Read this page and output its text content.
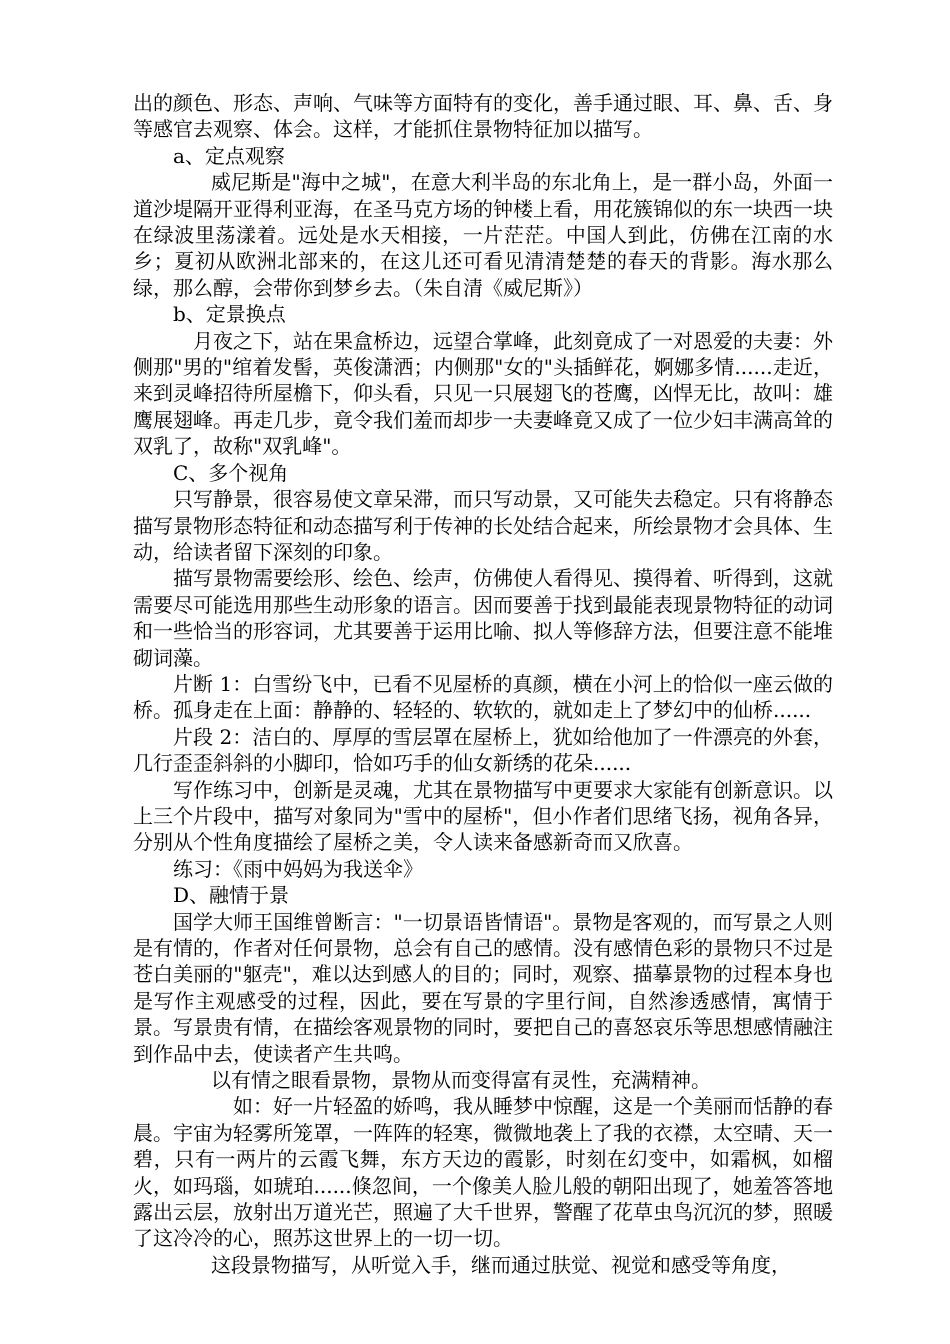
出的颜色、形态、声响、气味等方面特有的变化，善手通过眼、耳、鼻、舌、身等感官去观察、体会。这样，才能抓住景物特征加以描写。

a、定点观察

威尼斯是"海中之城"，在意大利半岛的东北角上，是一群小岛，外面一道沙堤隔开亚得利亚海，在圣马克方场的钟楼上看，用花簇锦似的东一块西一块在绿波里荡漾着。远处是水天相接，一片茫茫。中国人到此，仿佛在江南的水乡；夏初从欧洲北部来的，在这儿还可看见清清楚楚的春天的背影。海水那么绿，那么醇，会带你到梦乡去。（朱自清《威尼斯》）

b、定景换点

月夜之下，站在果盒桥边，远望合掌峰，此刻竟成了一对恩爱的夫妻：外侧那"男的"绾着发髻，英俊潇洒；内侧那"女的"头插鲜花，婀娜多情......走近，来到灵峰招待所屋檐下，仰头看，只见一只展翅飞的苍鹰，凶悍无比，故叫：雄鹰展翅峰。再走几步，竟令我们羞而却步一夫妻峰竟又成了一位少妇丰满高耸的双乳了，故称"双乳峰"。

C、多个视角

只写静景，很容易使文章呆滞，而只写动景，又可能失去稳定。只有将静态描写景物形态特征和动态描写利于传神的长处结合起来，所绘景物才会具体、生动，给读者留下深刻的印象。

描写景物需要绘形、绘色、绘声，仿佛使人看得见、摸得着、听得到，这就需要尽可能选用那些生动形象的语言。因而要善于找到最能表现景物特征的动词和一些恰当的形容词，尤其要善于运用比喻、拟人等修辞方法，但要注意不能堆砌词藻。

片断 1：白雪纷飞中，已看不见屋桥的真颜，横在小河上的恰似一座云做的桥。孤身走在上面：静静的、轻轻的、软软的，就如走上了梦幻中的仙桥......

片段 2：洁白的、厚厚的雪层罩在屋桥上，犹如给他加了一件漂亮的外套，几行歪歪斜斜的小脚印，恰如巧手的仙女新绣的花朵......

写作练习中，创新是灵魂，尤其在景物描写中更要求大家能有创新意识。以上三个片段中，描写对象同为"雪中的屋桥"，但小作者们思绪飞扬，视角各异，分别从个性角度描绘了屋桥之美，令人读来备感新奇而又欣喜。

练习：《雨中妈妈为我送伞》

D、融情于景

国学大师王国维曾断言："一切景语皆情语"。景物是客观的，而写景之人则是有情的，作者对任何景物，总会有自己的感情。没有感情色彩的景物只不过是苍白美丽的"躯壳"，难以达到感人的目的；同时，观察、描摹景物的过程本身也是写作主观感受的过程，因此，要在写景的字里行间，自然渗透感情，寓情于景。写景贵有情，在描绘客观景物的同时，要把自己的喜怒哀乐等思想感情融注到作品中去，使读者产生共鸣。

以有情之眼看景物，景物从而变得富有灵性，充满精神。

如：好一片轻盈的娇鸣，我从睡梦中惊醒，这是一个美丽而恬静的春晨。宇宙为轻雾所笼罩，一阵阵的轻寒，微微地袭上了我的衣襟，太空晴、天一碧，只有一两片的云霞飞舞，东方天边的霞影，时刻在幻变中，如霜枫，如榴火，如玛瑙，如琥珀......倏忽间，一个像美人脸儿般的朝阳出现了，她羞答答地露出云层，放射出万道光芒，照遍了大千世界，警醒了花草虫鸟沉沉的梦，照暖了这冷冷的心，照苏这世界上的一切一切。

这段景物描写，从听觉入手，继而通过肤觉、视觉和感受等角度，
